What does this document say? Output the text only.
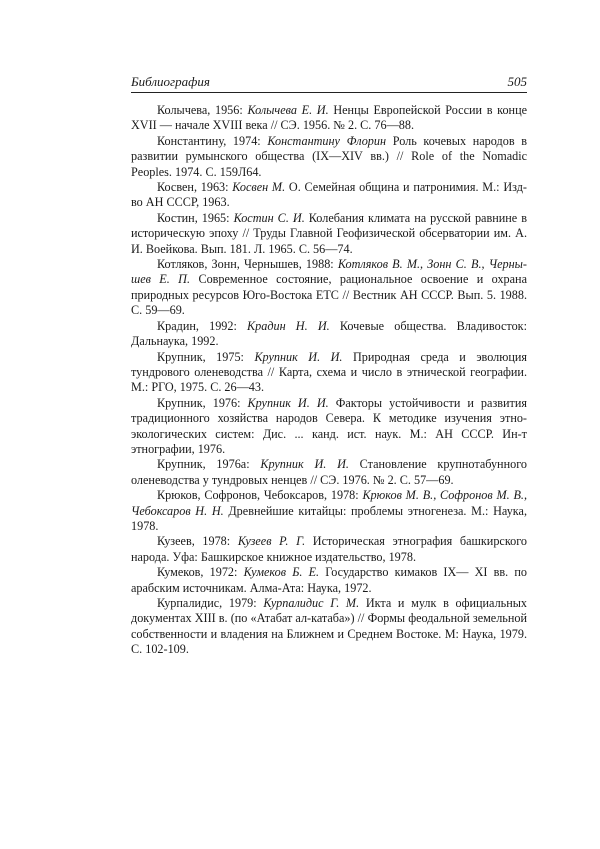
Библиография	505

Колычева, 1956: Колычева Е. И. Ненцы Европейской России в конце XVII — начале XVIII века // СЭ. 1956. № 2. С. 76—88.

Константину, 1974: Константину Флорин Роль кочевых народов в развитии румынского общества (IX—XIV вв.) // Role of the Nomadic Peoples. 1974. С. 159Л64.

Косвен, 1963: Косвен М. О. Семейная община и патронимия. М.: Изд-во АН СССР, 1963.

Костин, 1965: Костин С. И. Колебания климата на русской равнине в историческую эпоху // Труды Главной Геофизической обсерватории им. А. И. Воейкова. Вып. 181. Л. 1965. С. 56—74.

Котляков, Зонн, Чернышев, 1988: Котляков В. М., Зонн С. В., Черны-шев Е. П. Современное состояние, рациональное освоение и охрана природных ресурсов Юго-Востока ЕТС // Вестник АН СССР. Вып. 5. 1988. С. 59—69.

Крадин, 1992: Крадин Н. И. Кочевые общества. Владивосток: Дальнаука, 1992.

Крупник, 1975: Крупник И. И. Природная среда и эволюция тундрового оленеводства // Карта, схема и число в этнической географии. М.: РГО, 1975. С. 26—43.

Крупник, 1976: Крупник И. И. Факторы устойчивости и развития традиционного хозяйства народов Севера. К методике изучения этно-экологических систем: Дис. ... канд. ист. наук. М.: АН СССР. Ин-т этнографии, 1976.

Крупник, 1976а: Крупник И. И. Становление крупнотабунного оленеводства у тундровых ненцев // СЭ. 1976. № 2. С. 57—69.

Крюков, Софронов, Чебоксаров, 1978: Крюков М. В., Софронов М. В., Чебоксаров Н. Н. Древнейшие китайцы: проблемы этногенеза. М.: Наука, 1978.

Кузеев, 1978: Кузеев Р. Г. Историческая этнография башкирского народа. Уфа: Башкирское книжное издательство, 1978.

Кумеков, 1972: Кумеков Б. Е. Государство кимаков IX— XI вв. по арабским источникам. Алма-Ата: Наука, 1972.

Курпалидис, 1979: Курпалидис Г. М. Икта и мулк в официальных документах XIII в. (по «Атабат ал-катаба») // Формы феодальной земельной собственности и владения на Ближнем и Среднем Востоке. М: Наука, 1979. С. 102-109.
